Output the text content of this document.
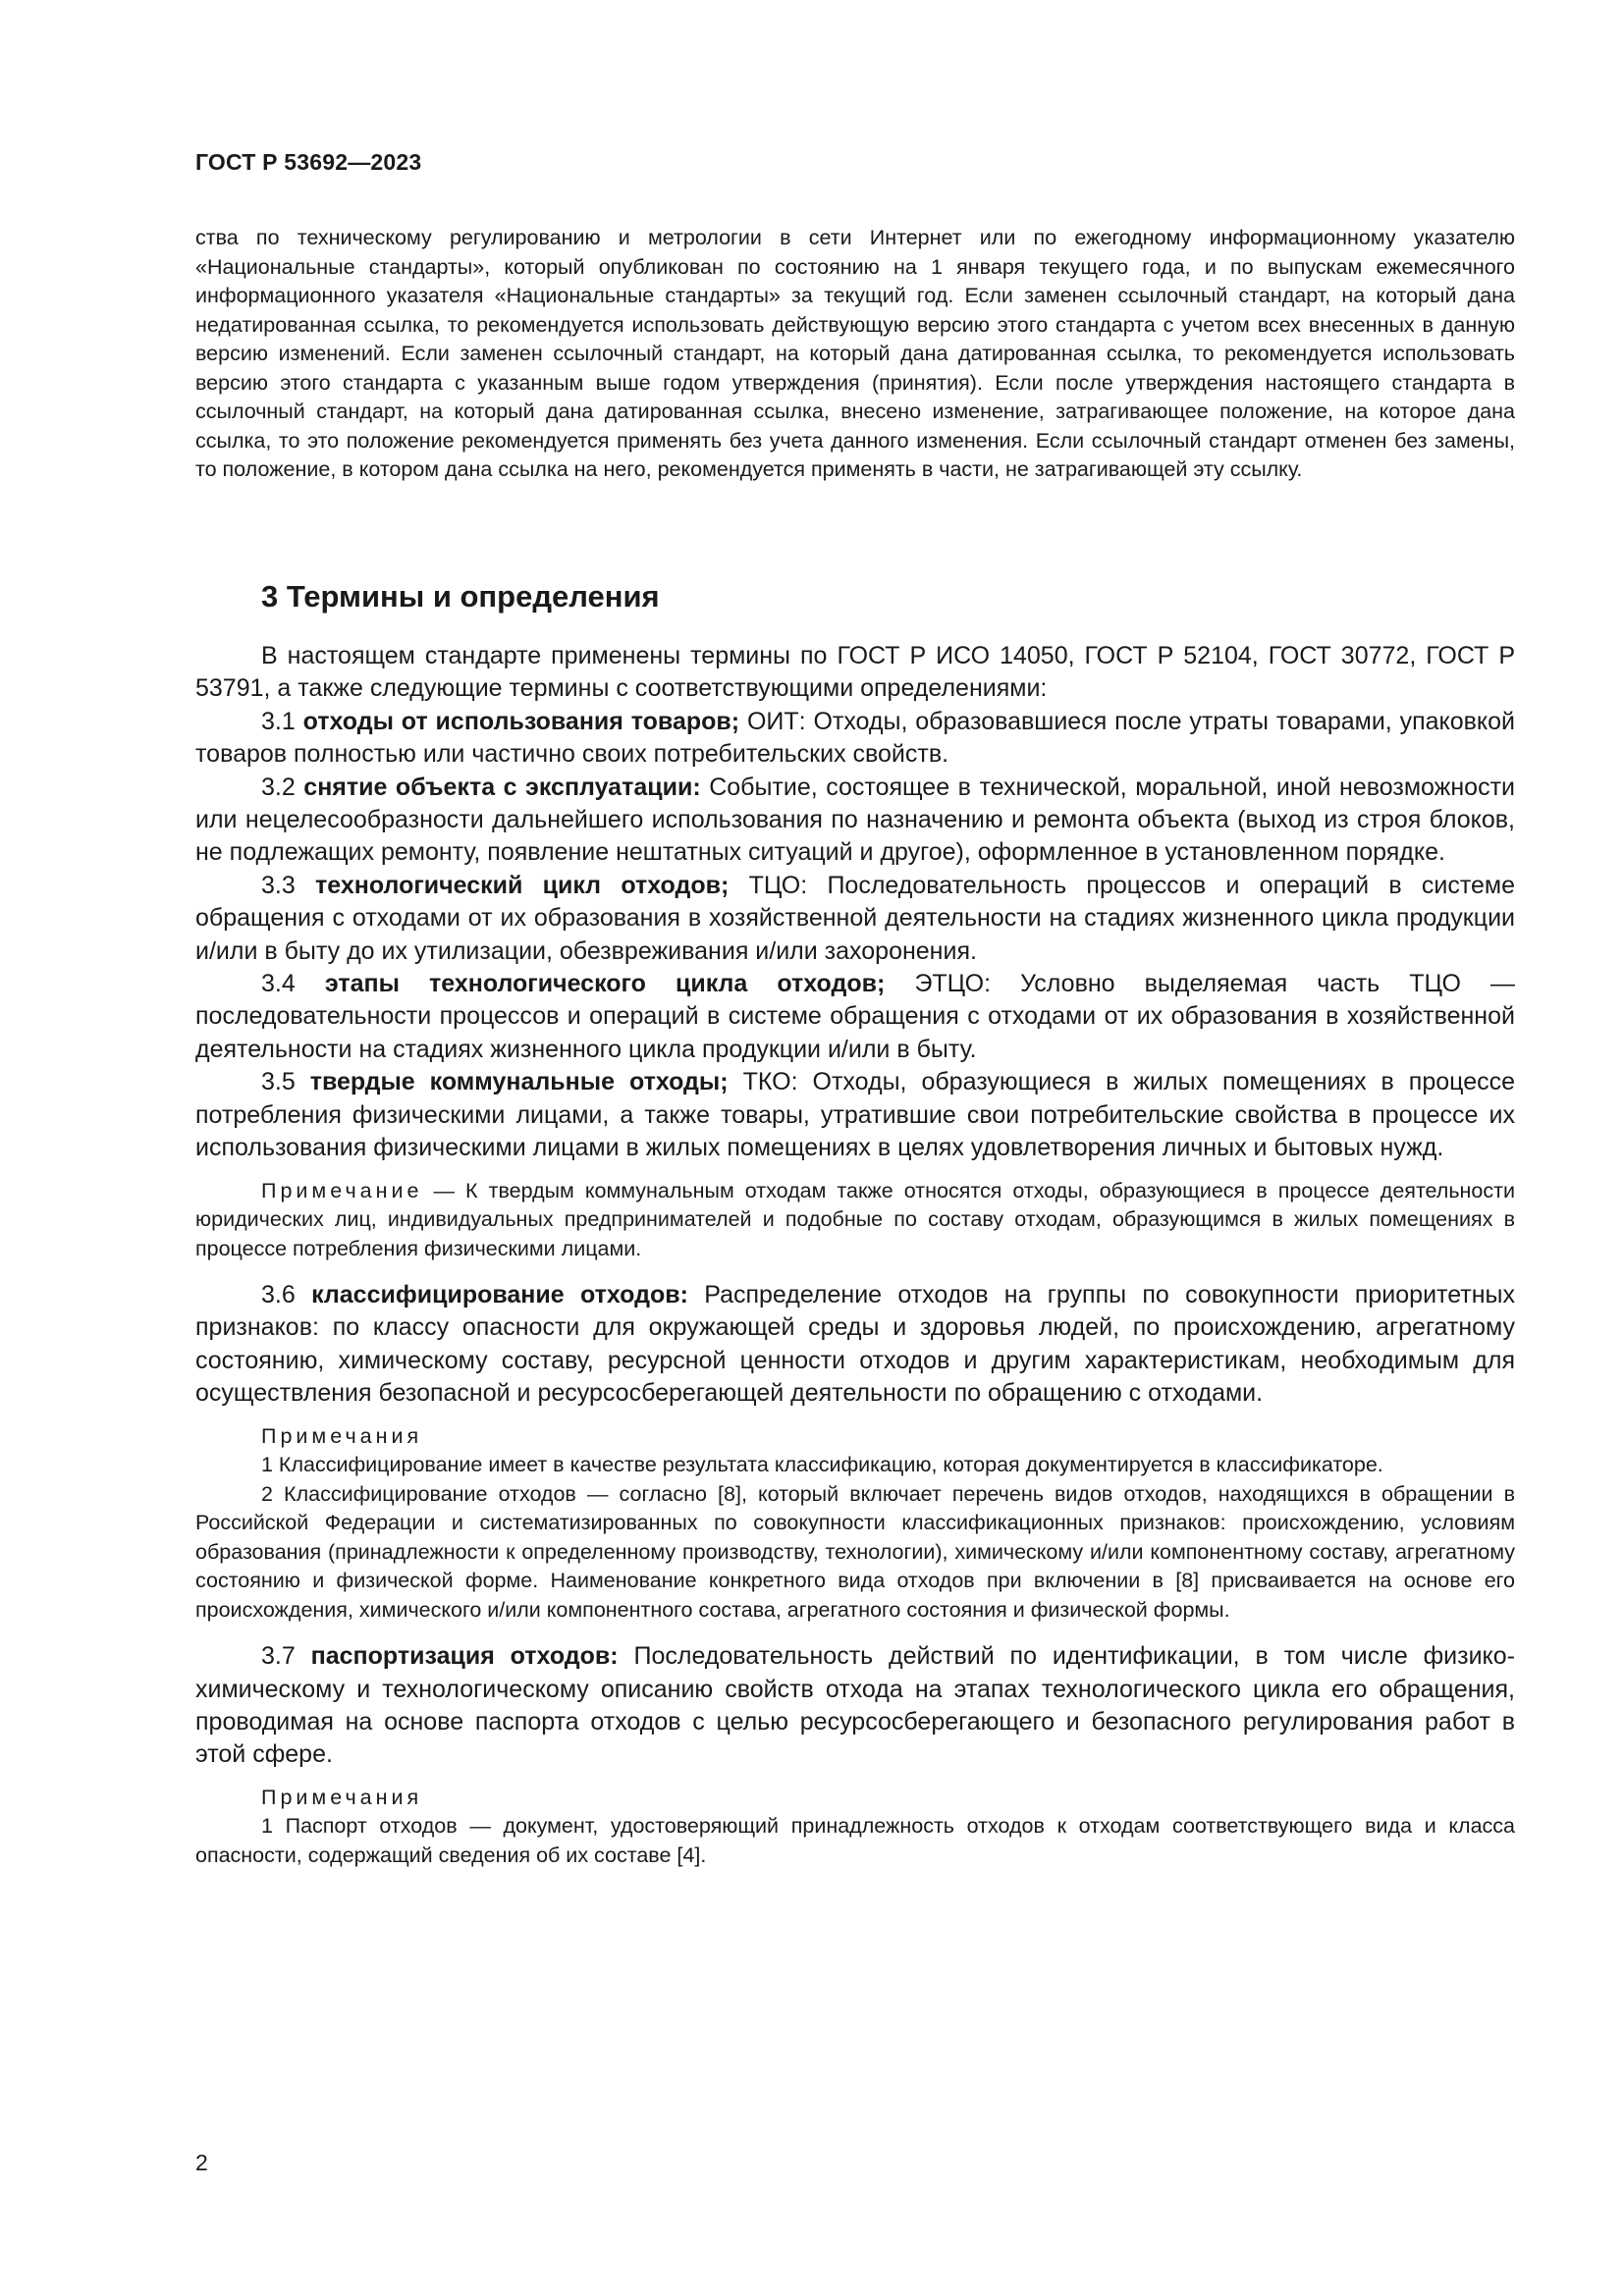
ГОСТ Р 53692—2023
ства по техническому регулированию и метрологии в сети Интернет или по ежегодному информационному указателю «Национальные стандарты», который опубликован по состоянию на 1 января текущего года, и по выпускам ежемесячного информационного указателя «Национальные стандарты» за текущий год. Если заменен ссылочный стандарт, на который дана недатированная ссылка, то рекомендуется использовать действующую версию этого стандарта с учетом всех внесенных в данную версию изменений. Если заменен ссылочный стандарт, на который дана датированная ссылка, то рекомендуется использовать версию этого стандарта с указанным выше годом утверждения (принятия). Если после утверждения настоящего стандарта в ссылочный стандарт, на который дана датированная ссылка, внесено изменение, затрагивающее положение, на которое дана ссылка, то это положение рекомендуется применять без учета данного изменения. Если ссылочный стандарт отменен без замены, то положение, в котором дана ссылка на него, рекомендуется применять в части, не затрагивающей эту ссылку.
3 Термины и определения

В настоящем стандарте применены термины по ГОСТ Р ИСО 14050, ГОСТ Р 52104, ГОСТ 30772, ГОСТ Р 53791, а также следующие термины с соответствующими определениями:

3.1 отходы от использования товаров; ОИТ: Отходы, образовавшиеся после утраты товарами, упаковкой товаров полностью или частично своих потребительских свойств.

3.2 снятие объекта с эксплуатации: Событие, состоящее в технической, моральной, иной невозможности или нецелесообразности дальнейшего использования по назначению и ремонта объекта (выход из строя блоков, не подлежащих ремонту, появление нештатных ситуаций и другое), оформленное в установленном порядке.

3.3 технологический цикл отходов; ТЦО: Последовательность процессов и операций в системе обращения с отходами от их образования в хозяйственной деятельности на стадиях жизненного цикла продукции и/или в быту до их утилизации, обезвреживания и/или захоронения.

3.4 этапы технологического цикла отходов; ЭТЦО: Условно выделяемая часть ТЦО — последовательности процессов и операций в системе обращения с отходами от их образования в хозяйственной деятельности на стадиях жизненного цикла продукции и/или в быту.

3.5 твердые коммунальные отходы; ТКО: Отходы, образующиеся в жилых помещениях в процессе потребления физическими лицами, а также товары, утратившие свои потребительские свойства в процессе их использования физическими лицами в жилых помещениях в целях удовлетворения личных и бытовых нужд.

Примечание — К твердым коммунальным отходам также относятся отходы, образующиеся в процессе деятельности юридических лиц, индивидуальных предпринимателей и подобные по составу отходам, образующимся в жилых помещениях в процессе потребления физическими лицами.

3.6 классифицирование отходов: Распределение отходов на группы по совокупности приоритетных признаков: по классу опасности для окружающей среды и здоровья людей, по происхождению, агрегатному состоянию, химическому составу, ресурсной ценности отходов и другим характеристикам, необходимым для осуществления безопасной и ресурсосберегающей деятельности по обращению с отходами.

Примечания

1 Классифицирование имеет в качестве результата классификацию, которая документируется в классификаторе.

2 Классифицирование отходов — согласно [8], который включает перечень видов отходов, находящихся в обращении в Российской Федерации и систематизированных по совокупности классификационных признаков: происхождению, условиям образования (принадлежности к определенному производству, технологии), химическому и/или компонентному составу, агрегатному состоянию и физической форме. Наименование конкретного вида отходов при включении в [8] присваивается на основе его происхождения, химического и/или компонентного состава, агрегатного состояния и физической формы.

3.7 паспортизация отходов: Последовательность действий по идентификации, в том числе физико-химическому и технологическому описанию свойств отхода на этапах технологического цикла его обращения, проводимая на основе паспорта отходов с целью ресурсосберегающего и безопасного регулирования работ в этой сфере.

Примечания

1 Паспорт отходов — документ, удостоверяющий принадлежность отходов к отходам соответствующего вида и класса опасности, содержащий сведения об их составе [4].

2
